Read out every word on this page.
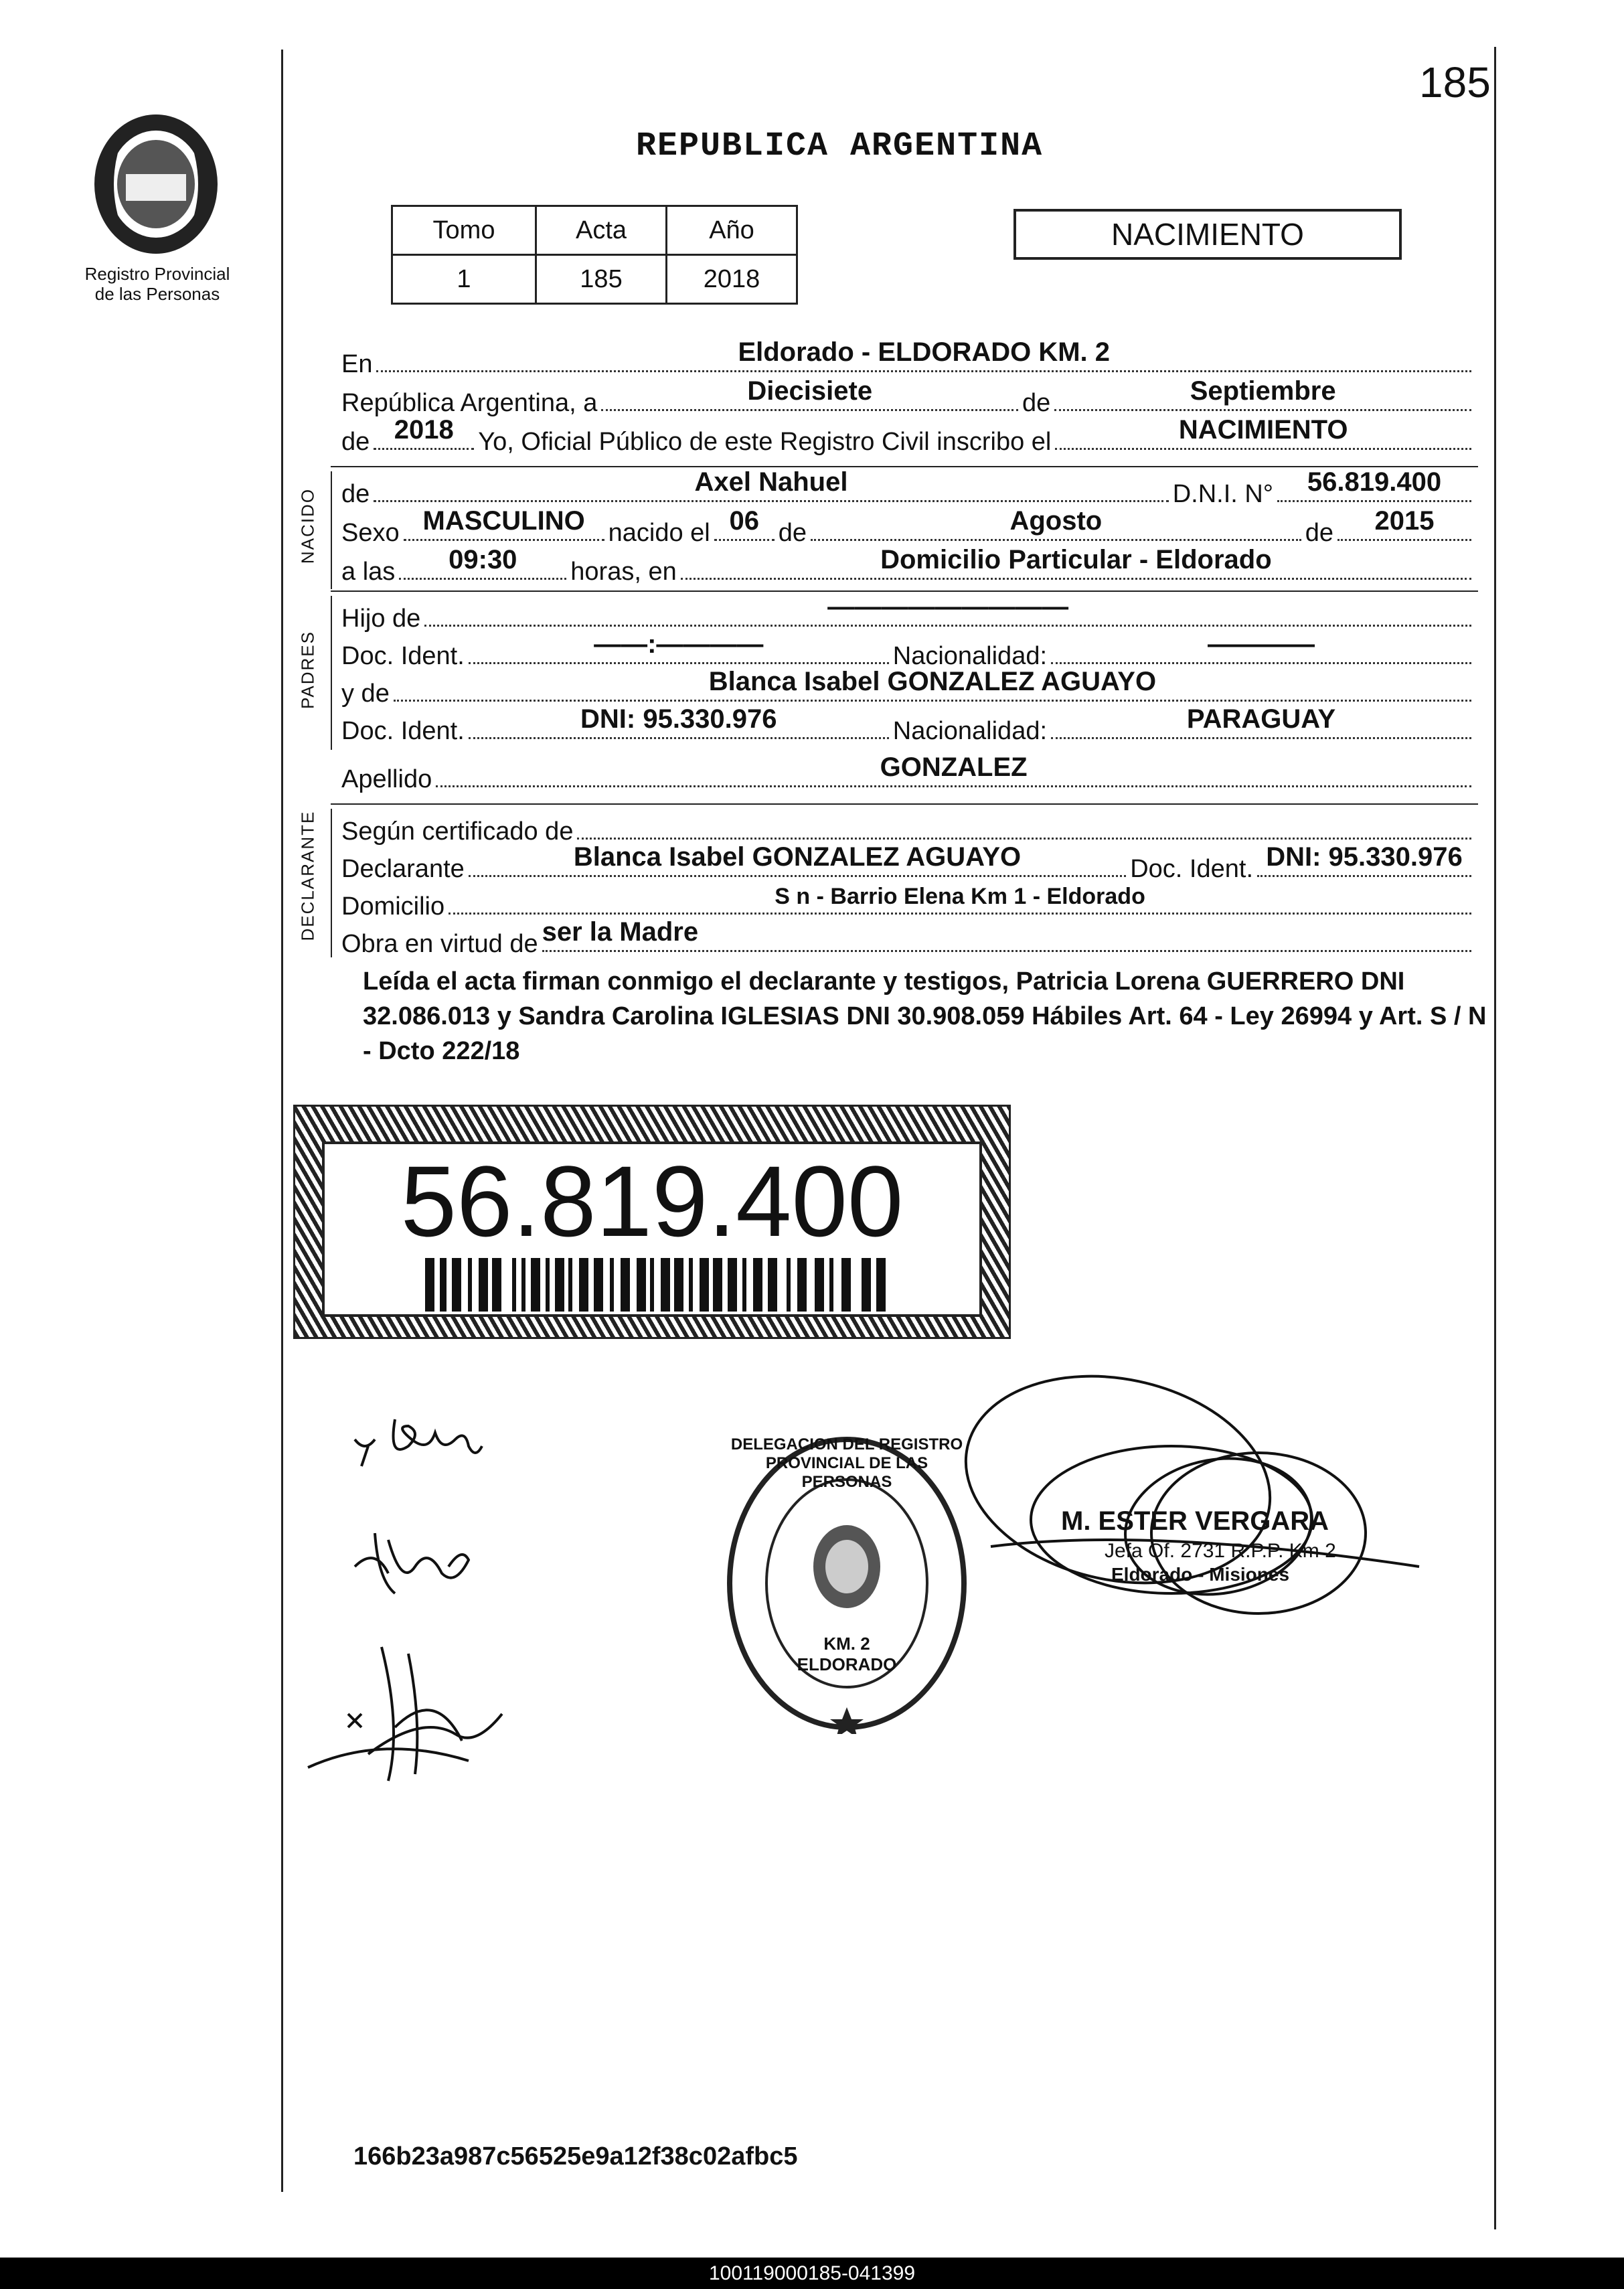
185
Registro Provincial
de las Personas
REPUBLICA ARGENTINA
NACIMIENTO
Tomo	Acta	Año
1	185	2018
En	Eldorado - ELDORADO KM. 2
República Argentina, a	Diecisiete	de	Septiembre
de 2018 Yo, Oficial Público de este Registro Civil inscribo el	NACIMIENTO
NACIDO de	Axel Nahuel	D.N.I. N°	56.819.400
Sexo MASCULINO nacido el 06 de	Agosto	de	2015
a las	09:30	horas, en	Domicilio Particular - Eldorado
PADRES
Hijo de	—————————
Doc. Ident.	——:————	Nacionalidad:	————
y de	Blanca Isabel GONZALEZ AGUAYO
Doc. Ident.	DNI: 95.330.976	Nacionalidad:	PARAGUAY
Apellido	GONZALEZ
DECLARANTE Según certificado de
Declarante	Blanca Isabel GONZALEZ AGUAYO	Doc. Ident. DNI: 95.330.976
Domicilio	S n - Barrio Elena Km 1 - Eldorado
Obra en virtud de ser la Madre
Leída el acta firman conmigo el declarante y testigos, Patricia Lorena GUERRERO DNI 32.086.013 y Sandra Carolina IGLESIAS DNI 30.908.059 Hábiles Art. 64 - Ley 26994 y Art. S / N - Dcto 222/18
56.819.400
DELEGACION DEL REGISTRO PROVINCIAL DE LAS PERSONAS
KM. 2 ELDORADO
M. ESTER VERGARA
Jefa Of. 2731 R.P.P. Km 2
Eldorado - Misiones
166b23a987c56525e9a12f38c02afbc5
100119000185-041399
